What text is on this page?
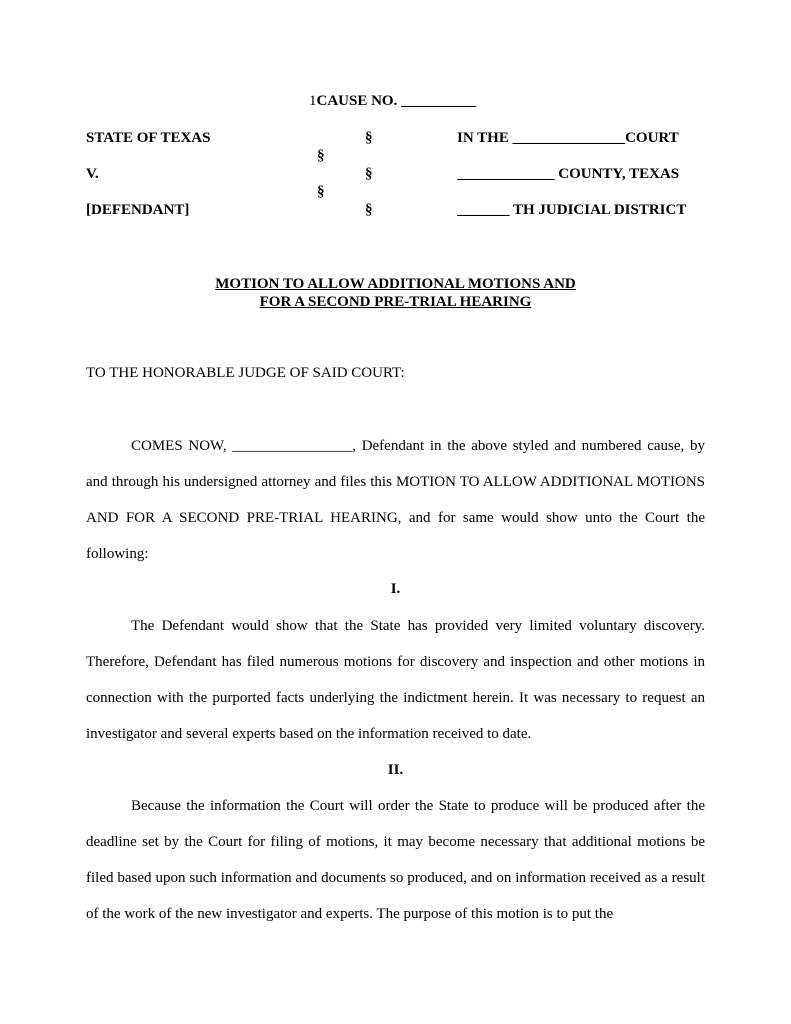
1CAUSE NO. __________
STATE OF TEXAS
V.
[DEFENDANT]
§
§
§
§
§
IN THE _______________COURT
_____________ COUNTY, TEXAS
_______ TH JUDICIAL DISTRICT
MOTION TO ALLOW ADDITIONAL MOTIONS AND
FOR A SECOND PRE-TRIAL HEARING
TO THE HONORABLE JUDGE OF SAID COURT:

COMES NOW, ________________, Defendant in the above styled and numbered cause, by and through his undersigned attorney and files this MOTION TO ALLOW ADDITIONAL MOTIONS AND FOR A SECOND PRE-TRIAL HEARING, and for same would show unto the Court the following:

I.

The Defendant would show that the State has provided very limited voluntary discovery. Therefore, Defendant has filed numerous motions for discovery and inspection and other motions in connection with the purported facts underlying the indictment herein. It was necessary to request an investigator and several experts based on the information received to date.

II.

Because the information the Court will order the State to produce will be produced after the deadline set by the Court for filing of motions, it may become necessary that additional motions be filed based upon such information and documents so produced, and on information received as a result of the work of the new investigator and experts. The purpose of this motion is to put the
